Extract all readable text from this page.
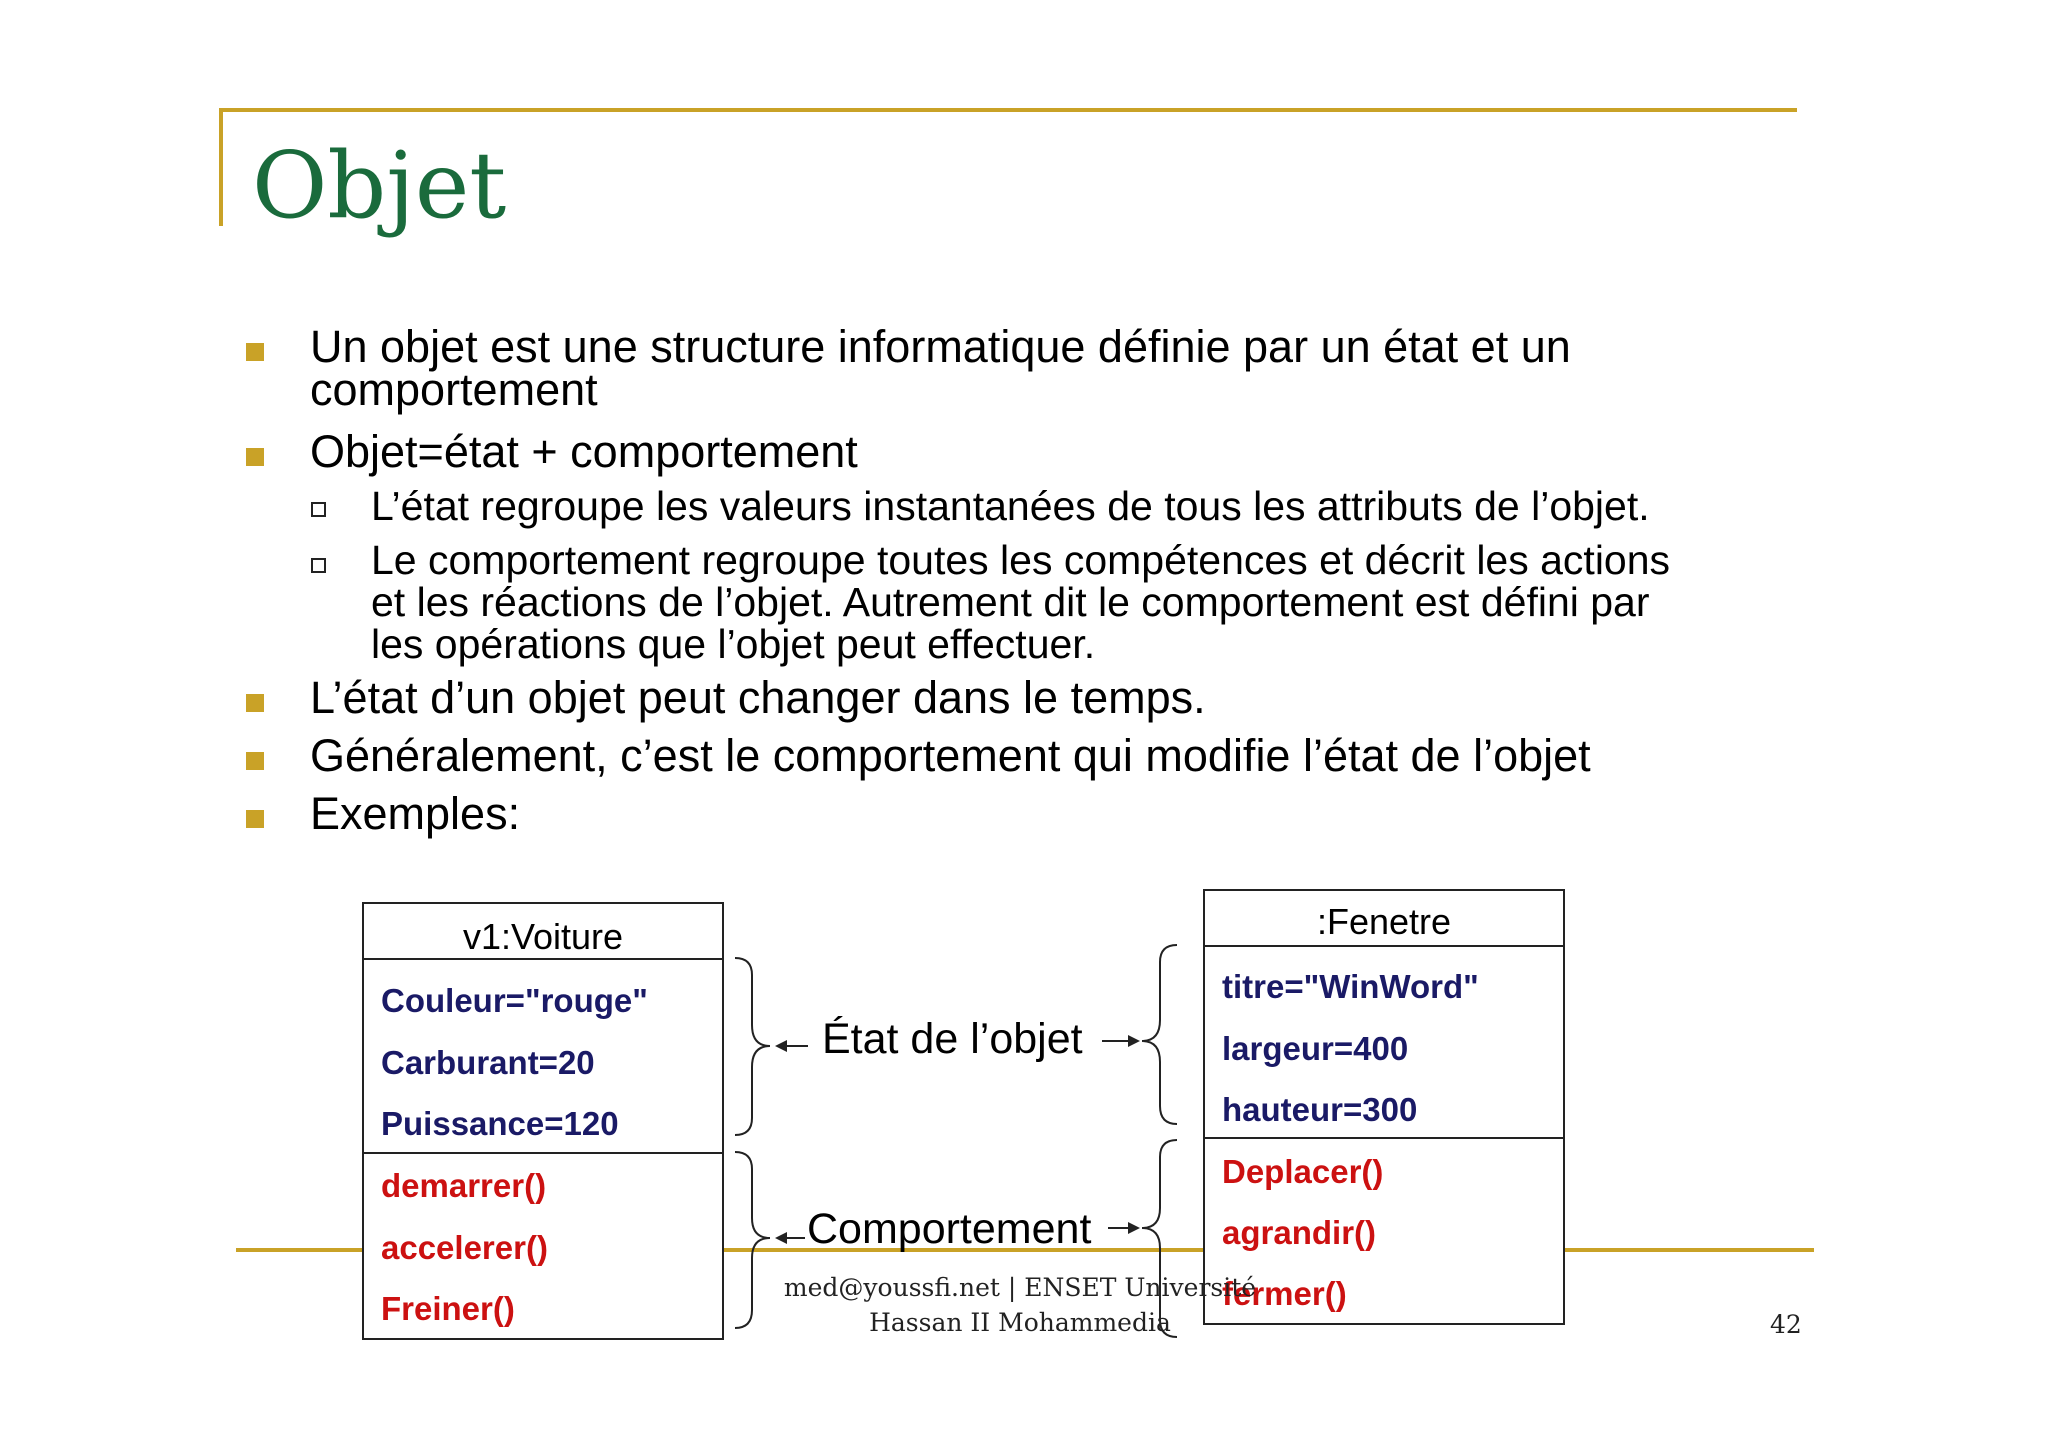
Objet
Un objet est une structure informatique définie par un état et un
comportement
Objet=état + comportement
L’état regroupe les valeurs instantanées de tous les attributs de l’objet.
Le comportement regroupe toutes les compétences et décrit les actions
et les réactions de l’objet. Autrement dit le comportement est défini par
les opérations que l’objet peut effectuer.
L’état d’un objet peut changer dans le temps.
Généralement, c’est le comportement qui modifie l’état de l’objet
Exemples:
v1:Voiture
Couleur="rouge"
Carburant=20
Puissance=120
demarrer()
accelerer()
Freiner()
:Fenetre
titre="WinWord"
largeur=400
hauteur=300
Deplacer()
agrandir()
fermer()
État de l’objet
Comportement
med@youssfi.net | ENSET Université
Hassan II Mohammedia	42
